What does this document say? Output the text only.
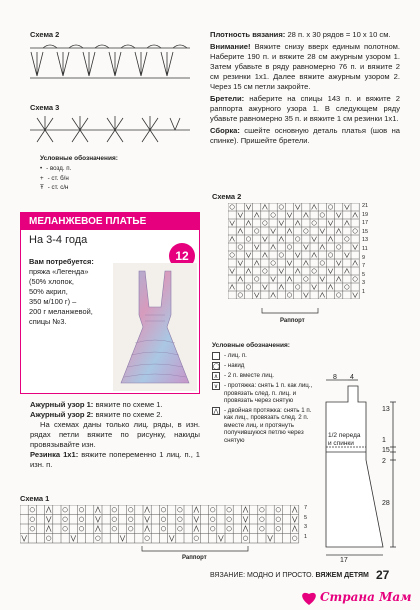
Схема 2
Схема 3
Условные обозначения:
• - возд. п.
+ - ст. б/н
Ŧ - ст. с/н
МЕЛАНЖЕВОЕ ПЛАТЬЕ
На 3-4 года
12
Вам потребуется:
пряжа «Легенда»
(50% хлопок,
50% акрил,
350 м/100 г) –
200 г меланжевой,
спицы №3.
Ажурный узор 1: вяжите по схеме 1.
Ажурный узор 2: вяжите по схеме 2.
На схемах даны только лиц. ряды, в изн. рядах петли вяжите по рисунку, накиды провязывайте изн.
Резинка 1х1: вяжите попеременно 1 лиц. п., 1 изн. п.
Плотность вязания: 28 п. х 30 рядов = 10 х 10 см.
Внимание! Вяжите снизу вверх единым полотном. Наберите 190 п. и вяжите 28 см ажурным узором 1. Затем убавьте в ряду равномерно 76 п. и вяжите 2 см резинки 1х1. Далее вяжите ажурным узором 2. Через 15 см петли закройте.
Бретели: наберите на спицы 143 п. и вяжите 2 раппорта ажурного узора 1. В следующем ряду убавьте равномерно 35 п. и вяжите 1 см резинки 1х1.
Сборка: сшейте основную деталь платья (шов на спинке). Пришейте бретели.
Схема 2
21
19
17
15
13
11
9
7
5
3
1
Раппорт
Условные обозначения:
- лиц. п.
◯ - накид
∧ - 2 п. вместе лиц.
∨ - протяжка: снять 1 п. как лиц., провязать след. п. лиц. и провязать через снятую
⋀ - двойная протяжка: снять 1 п. как лиц., провязать след. 2 п. вместе лиц. и протянуть получившуюся петлю через снятую
8 4
13
1
15
2
28
17
1/2 переда и спинки
Схема 1
7
5
3
1
Раппорт
ВЯЗАНИЕ: МОДНО И ПРОСТО. ВЯЖЕМ ДЕТЯМ 27
Страна Мам
